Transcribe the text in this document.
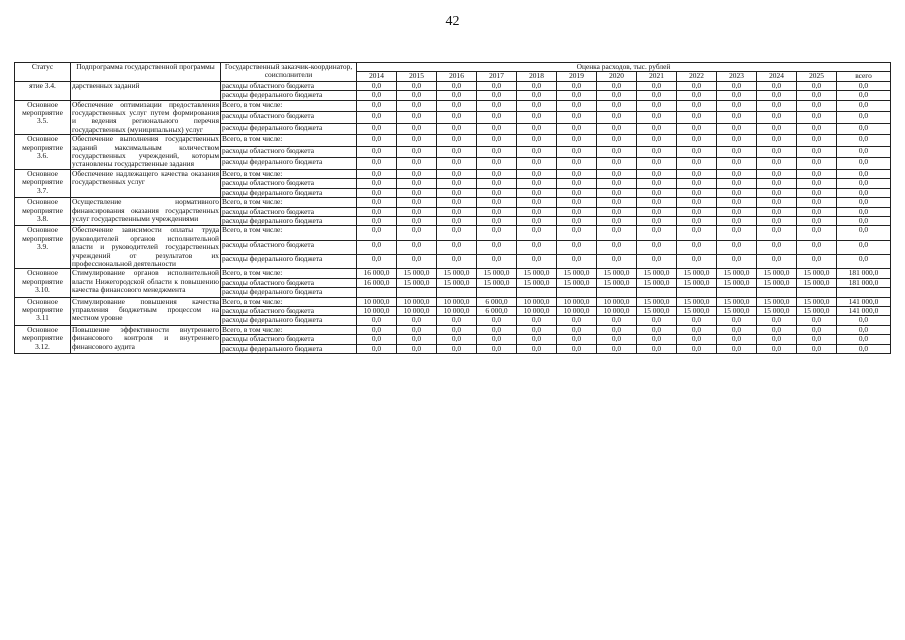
42
Статус	Подпрограмма государственной программы	Государственный заказчик-координатор, соисполнители	Оценка расходов, тыс. рублей												
			2014	2015	2016	2017	2018	2019	2020	2021	2022	2023	2024	2025	всего
ятие 3.4.	дарственных заданий	расходы областного бюджета	0,0	0,0	0,0	0,0	0,0	0,0	0,0	0,0	0,0	0,0	0,0	0,0	0,0
		расходы федерального бюджета	0,0	0,0	0,0	0,0	0,0	0,0	0,0	0,0	0,0	0,0	0,0	0,0	0,0
Основное мероприятие 3.5.	Обеспечение оптимизации предоставления государственных услуг путем формирования и ведения регионального перечня государственных (муниципальных) услуг	Всего, в том числе:	0,0	0,0	0,0	0,0	0,0	0,0	0,0	0,0	0,0	0,0	0,0	0,0	0,0
		расходы областного бюджета	0,0	0,0	0,0	0,0	0,0	0,0	0,0	0,0	0,0	0,0	0,0	0,0	0,0
		расходы федерального бюджета	0,0	0,0	0,0	0,0	0,0	0,0	0,0	0,0	0,0	0,0	0,0	0,0	0,0
Основное мероприятие 3.6.	Обеспечение выполнения государственных заданий максимальным количеством государственных учреждений, которым установлены государственные задания	Всего, в том числе:	0,0	0,0	0,0	0,0	0,0	0,0	0,0	0,0	0,0	0,0	0,0	0,0	0,0
		расходы областного бюджета	0,0	0,0	0,0	0,0	0,0	0,0	0,0	0,0	0,0	0,0	0,0	0,0	0,0
		расходы федерального бюджета	0,0	0,0	0,0	0,0	0,0	0,0	0,0	0,0	0,0	0,0	0,0	0,0	0,0
Основное мероприятие 3.7.	Обеспечение надлежащего качества оказания государственных услуг	Всего, в том числе:	0,0	0,0	0,0	0,0	0,0	0,0	0,0	0,0	0,0	0,0	0,0	0,0	0,0
		расходы областного бюджета	0,0	0,0	0,0	0,0	0,0	0,0	0,0	0,0	0,0	0,0	0,0	0,0	0,0
		расходы федерального бюджета	0,0	0,0	0,0	0,0	0,0	0,0	0,0	0,0	0,0	0,0	0,0	0,0	0,0
Основное мероприятие 3.8.	Осуществление нормативного финансирования оказания государственных услуг государственными учреждениями	Всего, в том числе:	0,0	0,0	0,0	0,0	0,0	0,0	0,0	0,0	0,0	0,0	0,0	0,0	0,0
		расходы областного бюджета	0,0	0,0	0,0	0,0	0,0	0,0	0,0	0,0	0,0	0,0	0,0	0,0	0,0
		расходы федерального бюджета	0,0	0,0	0,0	0,0	0,0	0,0	0,0	0,0	0,0	0,0	0,0	0,0	0,0
Основное мероприятие 3.9.	Обеспечение зависимости оплаты труда руководителей органов исполнительной власти и руководителей государственных учреждений от результатов их профессиональной деятельности	Всего, в том числе:	0,0	0,0	0,0	0,0	0,0	0,0	0,0	0,0	0,0	0,0	0,0	0,0	0,0
		расходы областного бюджета	0,0	0,0	0,0	0,0	0,0	0,0	0,0	0,0	0,0	0,0	0,0	0,0	0,0
		расходы федерального бюджета	0,0	0,0	0,0	0,0	0,0	0,0	0,0	0,0	0,0	0,0	0,0	0,0	0,0
Основное мероприятие 3.10.	Стимулирование органов исполнительной власти Нижегородской области к повышению качества финансового менеджмента	Всего, в том числе:	16 000,0	15 000,0	15 000,0	15 000,0	15 000,0	15 000,0	15 000,0	15 000,0	15 000,0	15 000,0	15 000,0	15 000,0	181 000,0
		расходы областного бюджета	16 000,0	15 000,0	15 000,0	15 000,0	15 000,0	15 000,0	15 000,0	15 000,0	15 000,0	15 000,0	15 000,0	15 000,0	181 000,0
		расходы федерального бюджета													
Основное мероприятие 3.11	Стимулирование повышения качества управления бюджетным процессом на местном уровне	Всего, в том числе:	10 000,0	10 000,0	10 000,0	6 000,0	10 000,0	10 000,0	10 000,0	15 000,0	15 000,0	15 000,0	15 000,0	15 000,0	141 000,0
		расходы областного бюджета	10 000,0	10 000,0	10 000,0	6 000,0	10 000,0	10 000,0	10 000,0	15 000,0	15 000,0	15 000,0	15 000,0	15 000,0	141 000,0
		расходы федерального бюджета	0,0	0,0	0,0	0,0	0,0	0,0	0,0	0,0	0,0	0,0	0,0	0,0	0,0
Основное мероприятие 3.12.	Повышение эффективности внутреннего финансового контроля и внутреннего финансового аудита	Всего, в том числе:	0,0	0,0	0,0	0,0	0,0	0,0	0,0	0,0	0,0	0,0	0,0	0,0	0,0
		расходы областного бюджета	0,0	0,0	0,0	0,0	0,0	0,0	0,0	0,0	0,0	0,0	0,0	0,0	0,0
		расходы федерального бюджета	0,0	0,0	0,0	0,0	0,0	0,0	0,0	0,0	0,0	0,0	0,0	0,0	0,0
